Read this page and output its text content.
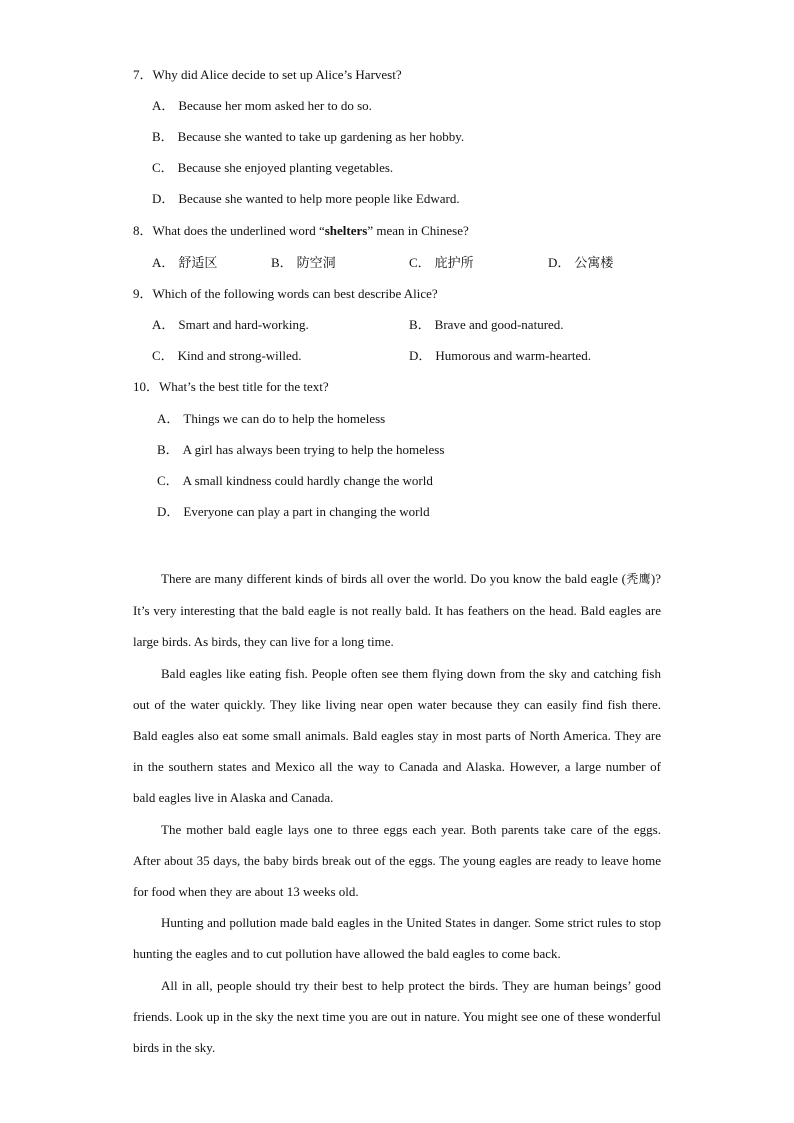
7．Why did Alice decide to set up Alice’s Harvest?
A． Because her mom asked her to do so.
B． Because she wanted to take up gardening as her hobby.
C． Because she enjoyed planting vegetables.
D． Because she wanted to help more people like Edward.
8．What does the underlined word “shelters” mean in Chinese?
A． 舒适区	B． 防空洞	C． 庇护所	D． 公寓楼
9．Which of the following words can best describe Alice?
A． Smart and hard-working.	B． Brave and good-natured.
C． Kind and strong-willed.	D． Humorous and warm-hearted.
10．What’s the best title for the text?
A． Things we can do to help the homeless
B． A girl has always been trying to help the homeless
C． A small kindness could hardly change the world
D． Everyone can play a part in changing the world

There are many different kinds of birds all over the world. Do you know the bald eagle (秃鹰)? It’s very interesting that the bald eagle is not really bald. It has feathers on the head. Bald eagles are large birds. As birds, they can live for a long time.

Bald eagles like eating fish. People often see them flying down from the sky and catching fish out of the water quickly. They like living near open water because they can easily find fish there. Bald eagles also eat some small animals. Bald eagles stay in most parts of North America. They are in the southern states and Mexico all the way to Canada and Alaska. However, a large number of bald eagles live in Alaska and Canada.

The mother bald eagle lays one to three eggs each year. Both parents take care of the eggs. After about 35 days, the baby birds break out of the eggs. The young eagles are ready to leave home for food when they are about 13 weeks old.

Hunting and pollution made bald eagles in the United States in danger. Some strict rules to stop hunting the eagles and to cut pollution have allowed the bald eagles to come back.

All in all, people should try their best to help protect the birds. They are human beings’ good friends. Look up in the sky the next time you are out in nature. You might see one of these wonderful birds in the sky.
